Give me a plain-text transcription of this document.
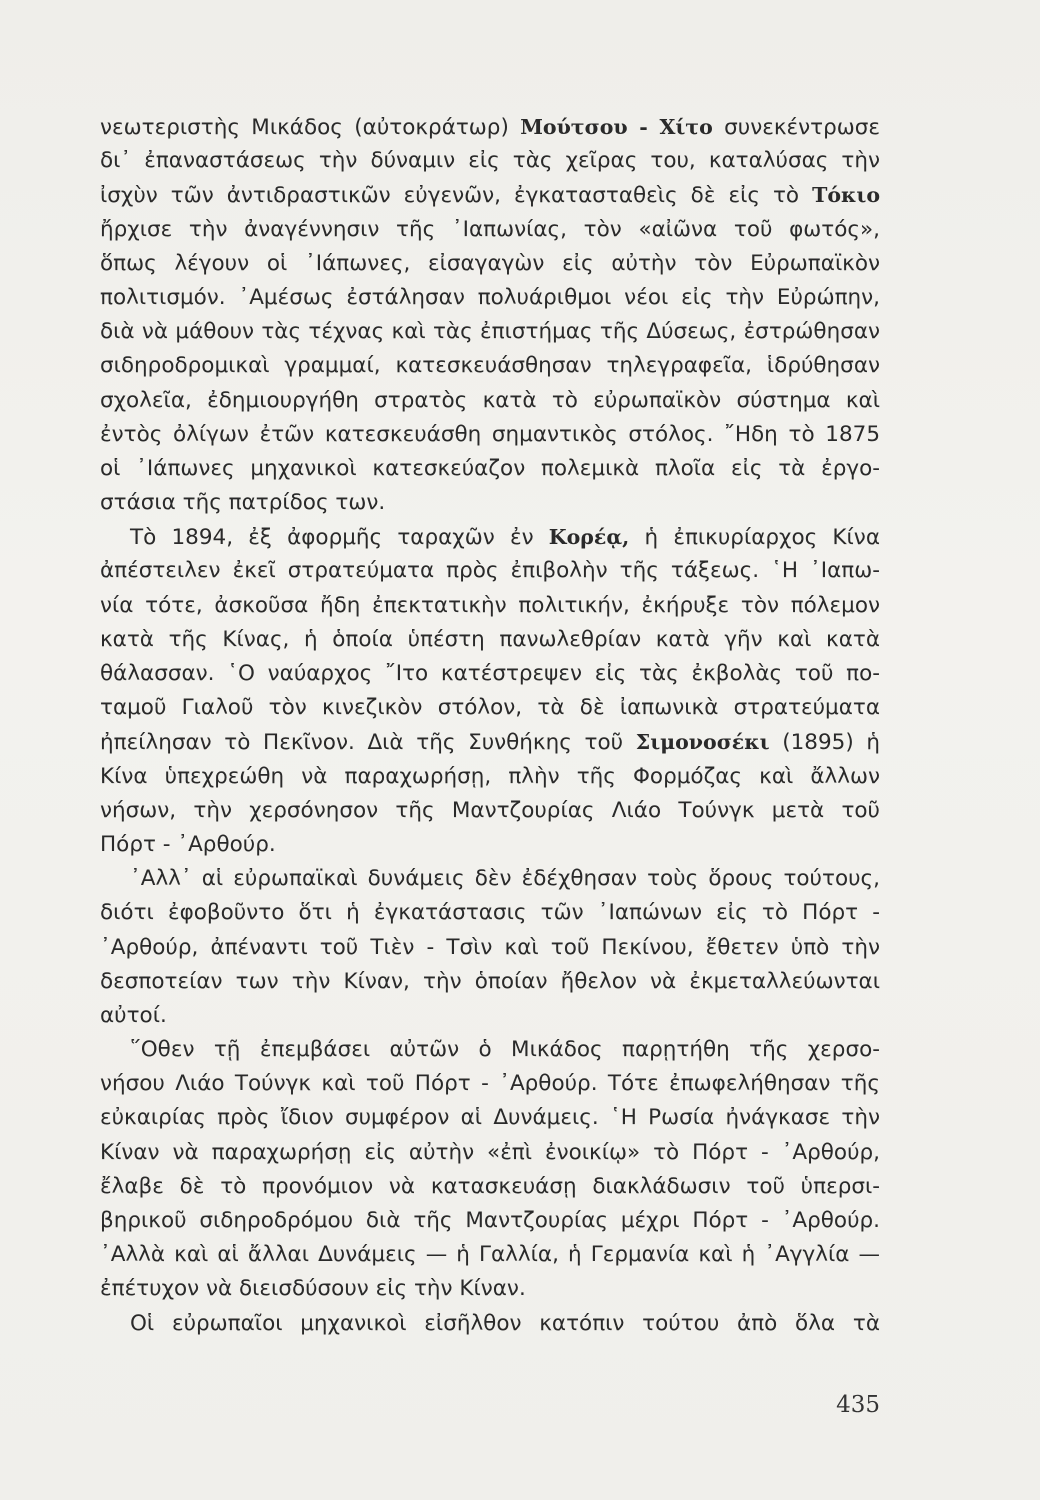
νεωτεριστὴς Μικάδος (αὐτοκράτωρ) Μούτσου - Χίτο συνεκέντρωσε
δι᾽ ἐπαναστάσεως τὴν δύναμιν εἰς τὰς χεῖρας του, καταλύσας τὴν
ἰσχὺν τῶν ἀντιδραστικῶν εὐγενῶν, ἐγκατασταθεὶς δὲ εἰς τὸ Τόκιο
ἤρχισε τὴν ἀναγέννησιν τῆς ᾽Ιαπωνίας, τὸν «αἰῶνα τοῦ φωτός»,
ὅπως λέγουν οἱ ᾽Ιάπωνες, εἰσαγαγὼν εἰς αὐτὴν τὸν Εὐρωπαϊκὸν
πολιτισμόν. ᾽Αμέσως ἐστάλησαν πολυάριθμοι νέοι εἰς τὴν Εὐρώπην,
διὰ νὰ μάθουν τὰς τέχνας καὶ τὰς ἐπιστήμας τῆς Δύσεως, ἐστρώθησαν
σιδηροδρομικαὶ γραμμαί, κατεσκευάσθησαν τηλεγραφεῖα, ἱδρύθησαν
σχολεῖα, ἐδημιουργήθη στρατὸς κατὰ τὸ εὐρωπαϊκὸν σύστημα καὶ
ἐντὸς ὀλίγων ἐτῶν κατεσκευάσθη σημαντικὸς στόλος. ῎Ηδη τὸ 1875
οἱ ᾽Ιάπωνες μηχανικοὶ κατεσκεύαζον πολεμικὰ πλοῖα εἰς τὰ ἐργο-
στάσια τῆς πατρίδος των.
Τὸ 1894, ἐξ ἀφορμῆς ταραχῶν ἐν Κορέᾳ, ἡ ἐπικυρίαρχος Κίνα
ἀπέστειλεν ἐκεῖ στρατεύματα πρὸς ἐπιβολὴν τῆς τάξεως. ῾Η ᾽Ιαπω-
νία τότε, ἀσκοῦσα ἤδη ἐπεκτατικὴν πολιτικήν, ἐκήρυξε τὸν πόλεμον
κατὰ τῆς Κίνας, ἡ ὁποία ὑπέστη πανωλεθρίαν κατὰ γῆν καὶ κατὰ
θάλασσαν. ῾Ο ναύαρχος ῎Ιτο κατέστρεψεν εἰς τὰς ἐκβολὰς τοῦ πο-
ταμοῦ Γιαλοῦ τὸν κινεζικὸν στόλον, τὰ δὲ ἰαπωνικὰ στρατεύματα
ἠπείλησαν τὸ Πεκῖνον. Διὰ τῆς Συνθήκης τοῦ Σιμονοσέκι (1895) ἡ
Κίνα ὑπεχρεώθη νὰ παραχωρήσῃ, πλὴν τῆς Φορμόζας καὶ ἄλλων
νήσων, τὴν χερσόνησον τῆς Μαντζουρίας Λιάο Τούνγκ μετὰ τοῦ
Πόρτ - ᾽Αρθούρ.
᾽Αλλ᾽ αἱ εὐρωπαϊκαὶ δυνάμεις δὲν ἐδέχθησαν τοὺς ὅρους τούτους,
διότι ἐφοβοῦντο ὅτι ἡ ἐγκατάστασις τῶν ᾽Ιαπώνων εἰς τὸ Πόρτ -
᾽Αρθούρ, ἀπέναντι τοῦ Τιὲν - Τσὶν καὶ τοῦ Πεκίνου, ἔθετεν ὑπὸ τὴν
δεσποτείαν των τὴν Κίναν, τὴν ὁποίαν ἤθελον νὰ ἐκμεταλλεύωνται
αὐτοί.
῞Οθεν τῇ ἐπεμβάσει αὐτῶν ὁ Μικάδος παρῃτήθη τῆς χερσο-
νήσου Λιάο Τούνγκ καὶ τοῦ Πόρτ - ᾽Αρθούρ. Τότε ἐπωφελήθησαν τῆς
εὐκαιρίας πρὸς ἴδιον συμφέρον αἱ Δυνάμεις. ῾Η Ρωσία ἠνάγκασε τὴν
Κίναν νὰ παραχωρήσῃ εἰς αὐτὴν «ἐπὶ ἐνοικίῳ» τὸ Πόρτ - ᾽Αρθούρ,
ἔλαβε δὲ τὸ προνόμιον νὰ κατασκευάσῃ διακλάδωσιν τοῦ ὑπερσι-
βηρικοῦ σιδηροδρόμου διὰ τῆς Μαντζουρίας μέχρι Πόρτ - ᾽Αρθούρ.
᾽Αλλὰ καὶ αἱ ἄλλαι Δυνάμεις — ἡ Γαλλία, ἡ Γερμανία καὶ ἡ ᾽Αγγλία —
ἐπέτυχον νὰ διεισδύσουν εἰς τὴν Κίναν.
Οἱ εὐρωπαῖοι μηχανικοὶ εἰσῆλθον κατόπιν τούτου ἀπὸ ὅλα τὰ
435
